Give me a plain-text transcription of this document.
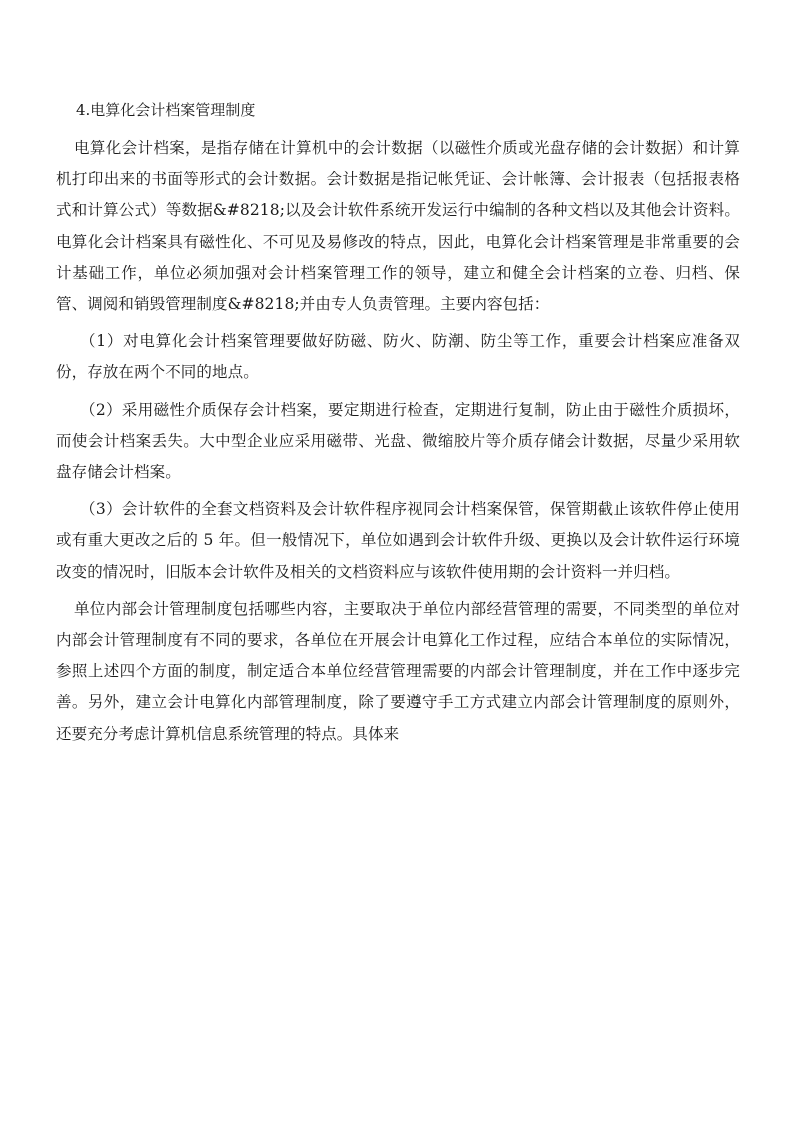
4.电算化会计档案管理制度

电算化会计档案，是指存储在计算机中的会计数据（以磁性介质或光盘存储的会计数据）和计算机打印出来的书面等形式的会计数据。会计数据是指记帐凭证、会计帐簿、会计报表（包括报表格式和计算公式）等数据&#8218;以及会计软件系统开发运行中编制的各种文档以及其他会计资料。电算化会计档案具有磁性化、不可见及易修改的特点，因此，电算化会计档案管理是非常重要的会计基础工作，单位必须加强对会计档案管理工作的领导，建立和健全会计档案的立卷、归档、保管、调阅和销毁管理制度&#8218;并由专人负责管理。主要内容包括：

（1）对电算化会计档案管理要做好防磁、防火、防潮、防尘等工作，重要会计档案应准备双份，存放在两个不同的地点。

（2）采用磁性介质保存会计档案，要定期进行检查，定期进行复制，防止由于磁性介质损坏，而使会计档案丢失。大中型企业应采用磁带、光盘、微缩胶片等介质存储会计数据，尽量少采用软盘存储会计档案。

（3）会计软件的全套文档资料及会计软件程序视同会计档案保管，保管期截止该软件停止使用或有重大更改之后的 5 年。但一般情况下，单位如遇到会计软件升级、更换以及会计软件运行环境改变的情况时，旧版本会计软件及相关的文档资料应与该软件使用期的会计资料一并归档。

单位内部会计管理制度包括哪些内容，主要取决于单位内部经营管理的需要，不同类型的单位对内部会计管理制度有不同的要求，各单位在开展会计电算化工作过程，应结合本单位的实际情况，参照上述四个方面的制度，制定适合本单位经营管理需要的内部会计管理制度，并在工作中逐步完善。另外，建立会计电算化内部管理制度，除了要遵守手工方式建立内部会计管理制度的原则外，还要充分考虑计算机信息系统管理的特点。具体来
